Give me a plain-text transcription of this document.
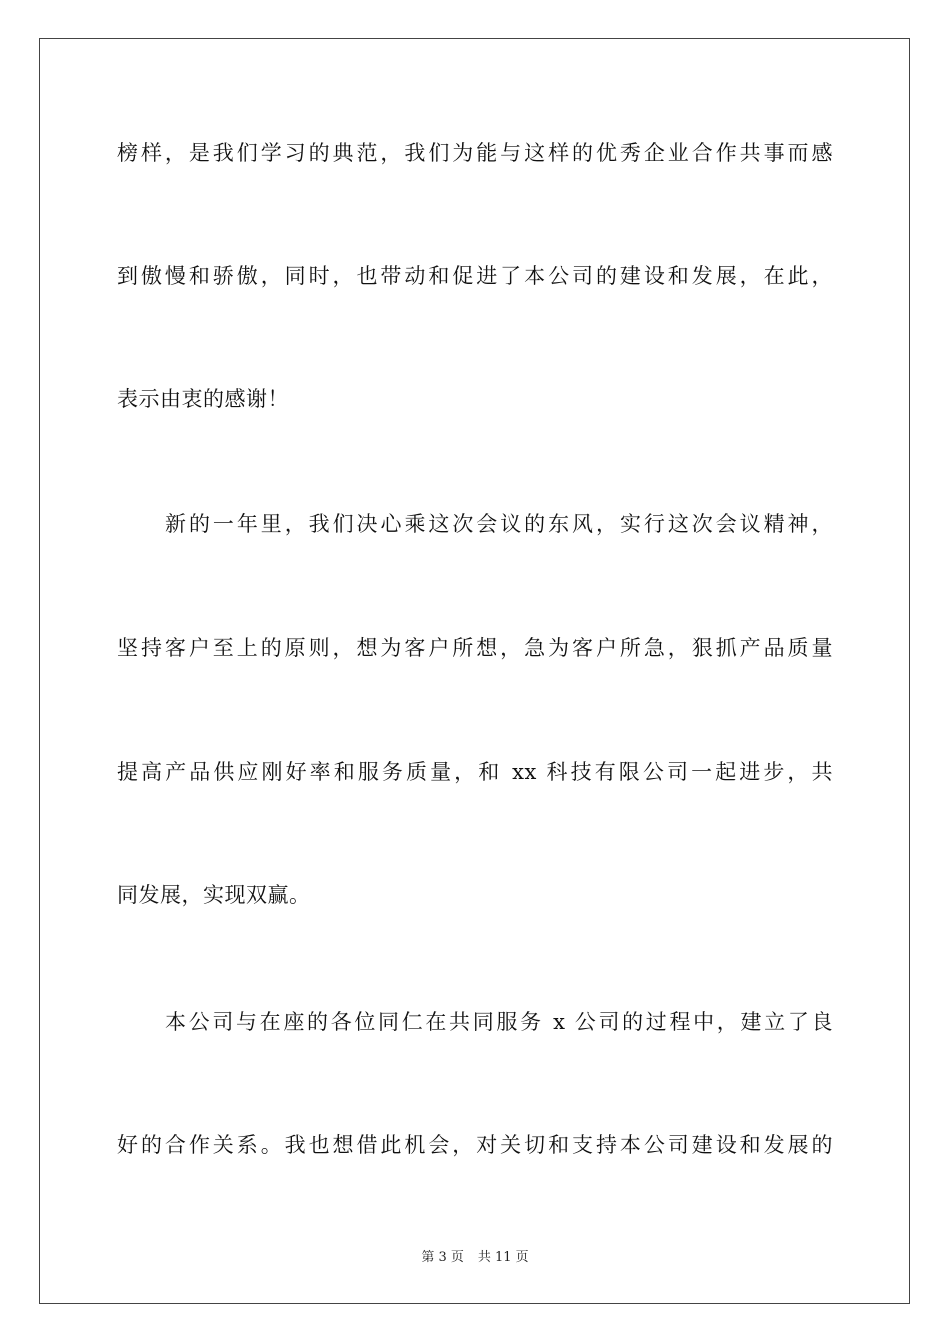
榜样，是我们学习的典范，我们为能与这样的优秀企业合作共事而感
到傲慢和骄傲，同时，也带动和促进了本公司的建设和发展，在此，
表示由衷的感谢！
新的一年里，我们决心乘这次会议的东风，实行这次会议精神，
坚持客户至上的原则，想为客户所想，急为客户所急，狠抓产品质量
提高产品供应刚好率和服务质量，和 xx 科技有限公司一起进步，共
同发展，实现双赢。
本公司与在座的各位同仁在共同服务 x 公司的过程中，建立了良
好的合作关系。我也想借此机会，对关切和支持本公司建设和发展的
第 3 页 共 11 页
